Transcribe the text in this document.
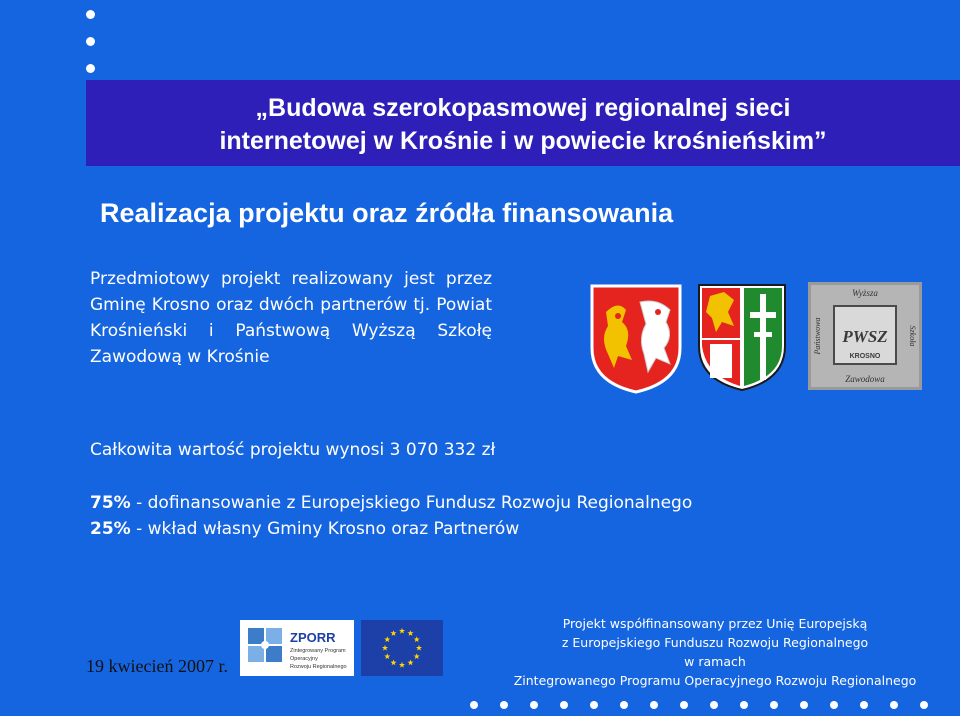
„Budowa szerokopasmowej regionalnej sieci
internetowej w Krośnie i w powiecie krośnieńskim”
Realizacja projektu oraz źródła finansowania

Przedmiotowy projekt realizowany jest przez Gminę Krosno oraz dwóch partnerów tj. Powiat Krośnieński i Państwową Wyższą Szkołę Zawodową w Krośnie

Wyższa
Państwowa	Szkoła
Zawodowa
PWSZ
KROSNO

Całkowita wartość projektu wynosi 3 070 332 zł

75% - dofinansowanie z Europejskiego Fundusz Rozwoju Regionalnego
25% - wkład własny Gminy Krosno oraz Partnerów
ZPORR
Zintegrowany Program
Operacyjny
Rozwoju Regionalnego

19 kwiecień 2007 r.

Projekt współfinansowany przez Unię Europejską
z Europejskiego Funduszu Rozwoju Regionalnego
w ramach
Zintegrowanego Programu Operacyjnego Rozwoju Regionalnego
